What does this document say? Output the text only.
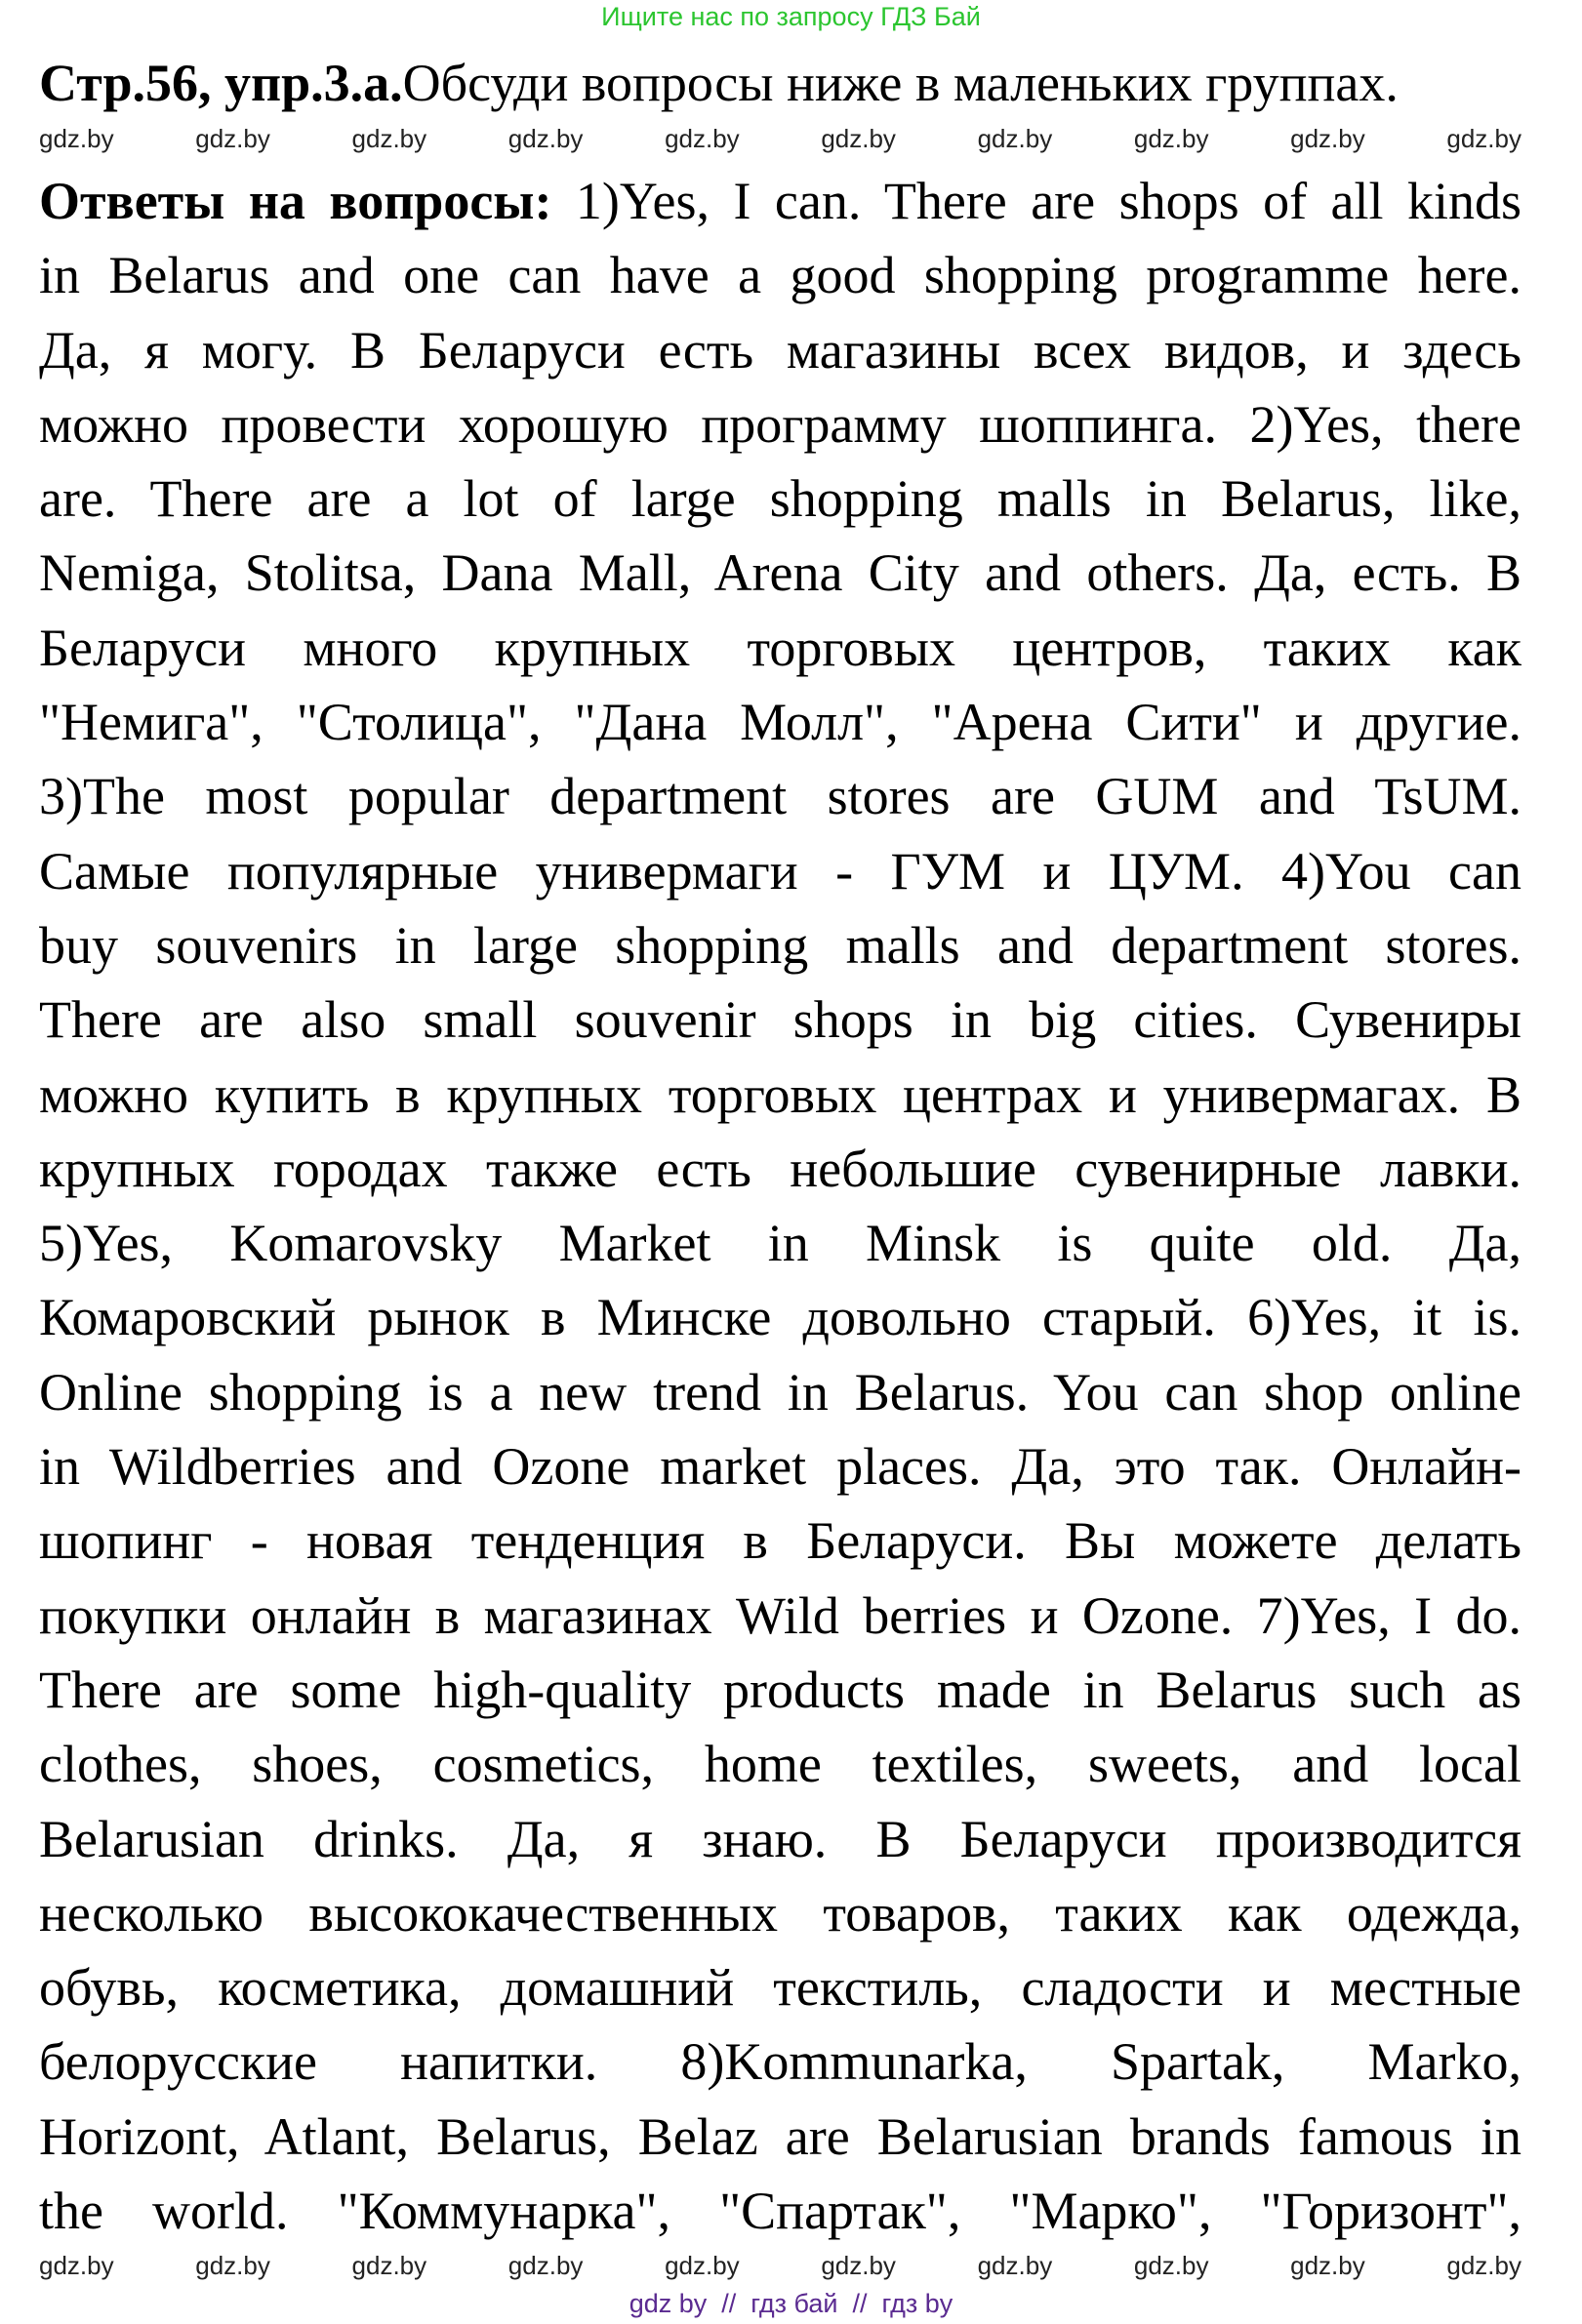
Ищите нас по запросу ГДЗ Бай
Стр.56, упр.3.а.Обсуди вопросы ниже в маленьких группах.
gdz.by	gdz.by	gdz.by	gdz.by	gdz.by	gdz.by	gdz.by	gdz.by	gdz.by	gdz.by
Ответы на вопросы: 1)Yes, I can. There are shops of all kinds
in Belarus and one can have a good shopping programme here.
Да, я могу. В Беларуси есть магазины всех видов, и здесь
можно провести хорошую программу шоппинга. 2)Yes, there
are. There are a lot of large shopping malls in Belarus, like,
Nemiga, Stolitsa, Dana Mall, Arena City and others. Да, есть. В
Беларуси много крупных торговых центров, таких как
"Немига", "Столица", "Дана Молл", "Арена Сити" и другие.
3)The most popular department stores are GUM and TsUM.
Самые популярные универмаги - ГУМ и ЦУМ. 4)You can
buy souvenirs in large shopping malls and department stores.
There are also small souvenir shops in big cities. Сувениры
можно купить в крупных торговых центрах и универмагах. В
крупных городах также есть небольшие сувенирные лавки.
5)Yes, Komarovsky Market in Minsk is quite old. Да,
Комаровский рынок в Минске довольно старый. 6)Yes, it is.
Online shopping is a new trend in Belarus. You can shop online
in Wildberries and Ozone market places. Да, это так. Онлайн-
шопинг - новая тенденция в Беларуси. Вы можете делать
покупки онлайн в магазинах Wild berries и Ozone. 7)Yes, I do.
There are some high-quality products made in Belarus such as
clothes, shoes, cosmetics, home textiles, sweets, and local
Belarusian drinks. Да, я знаю. В Беларуси производится
несколько высококачественных товаров, таких как одежда,
обувь, косметика, домашний текстиль, сладости и местные
белорусские напитки. 8)Kommunarka, Spartak, Marko,
Horizont, Atlant, Belarus, Belaz are Belarusian brands famous in
the world. "Коммунарка", "Спартак", "Марко", "Горизонт",
gdz.by	gdz.by	gdz.by	gdz.by	gdz.by	gdz.by	gdz.by	gdz.by	gdz.by	gdz.by
gdz by  //  гдз бай  //  гдз by
